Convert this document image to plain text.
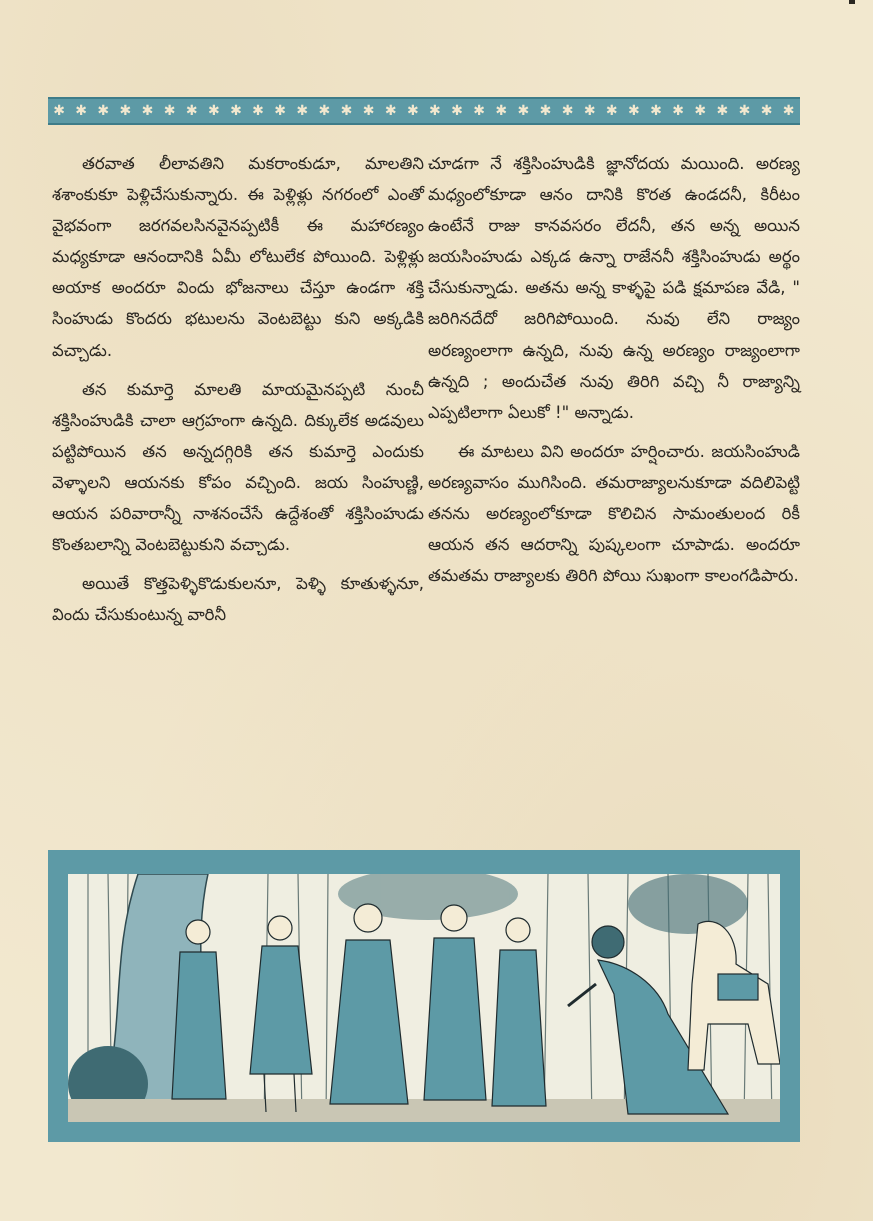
✱ ✱ ✱ ✱ ✱ ✱ ✱ ✱ ✱ ✱ ✱ ✱ ✱ ✱ ✱ ✱ ✱ ✱ ✱ ✱ ✱ ✱ ✱ ✱ ✱ ✱ ✱ ✱ ✱ ✱ ✱ ✱ ✱ ✱

తరవాత లీలావతిని మకరాంకుడూ, మాలతిని శశాంకుకూ పెళ్లిచేసుకున్నారు. ఈ పెళ్లిళ్లు నగరంలో ఎంతో వైభవంగా జరగవలసినవైనప్పటికీ ఈ మహారణ్యం మధ్యకూడా ఆనందానికి ఏమీ లోటులేక పోయింది. పెళ్లిళ్లు అయాక అందరూ విందు భోజనాలు చేస్తూ ఉండగా శక్తి సింహుడు కొందరు భటులను వెంటబెట్టు కుని అక్కడికి వచ్చాడు.

తన కుమార్తె మాలతి మాయమైనప్పటి నుంచీ శక్తిసింహుడికి చాలా ఆగ్రహంగా ఉన్నది. దిక్కులేక అడవులు పట్టిపోయిన తన అన్నదగ్గిరికి తన కుమార్తె ఎందుకు వెళ్ళాలని ఆయనకు కోపం వచ్చింది. జయ సింహుణ్ణి, ఆయన పరివారాన్నీ నాశనంచేసే ఉద్దేశంతో శక్తిసింహుడు కొంతబలాన్ని వెంటబెట్టుకుని వచ్చాడు.

అయితే కొత్తపెళ్ళికొడుకులనూ, పెళ్ళి కూతుళ్ళనూ, విందు చేసుకుంటున్న వారినీ

చూడగా నే శక్తిసింహుడికి జ్ఞానోదయ మయింది. అరణ్య మధ్యంలోకూడా ఆనం దానికి కొరత ఉండదనీ, కిరీటం ఉంటేనే రాజు కానవసరం లేదనీ, తన అన్న అయిన జయసింహుడు ఎక్కడ ఉన్నా రాజేననీ శక్తిసింహుడు అర్థం చేసుకున్నాడు. అతను అన్న కాళ్ళపై పడి క్షమాపణ వేడి, " జరిగినదేదో జరిగిపోయింది. నువు లేని రాజ్యం అరణ్యంలాగా ఉన్నది, నువు ఉన్న అరణ్యం రాజ్యంలాగా ఉన్నది ; అందుచేత నువు తిరిగి వచ్చి నీ రాజ్యాన్ని ఎప్పటిలాగా ఏలుకో !" అన్నాడు.

ఈ మాటలు విని అందరూ హర్షించారు. జయసింహుడి అరణ్యవాసం ముగిసింది. తమరాజ్యాలనుకూడా వదిలిపెట్టి తనను అరణ్యంలోకూడా కొలిచిన సామంతులంద రికీ ఆయన తన ఆదరాన్ని పుష్కలంగా చూపాడు. అందరూ తమతమ రాజ్యాలకు తిరిగి పోయి సుఖంగా కాలంగడిపారు.
